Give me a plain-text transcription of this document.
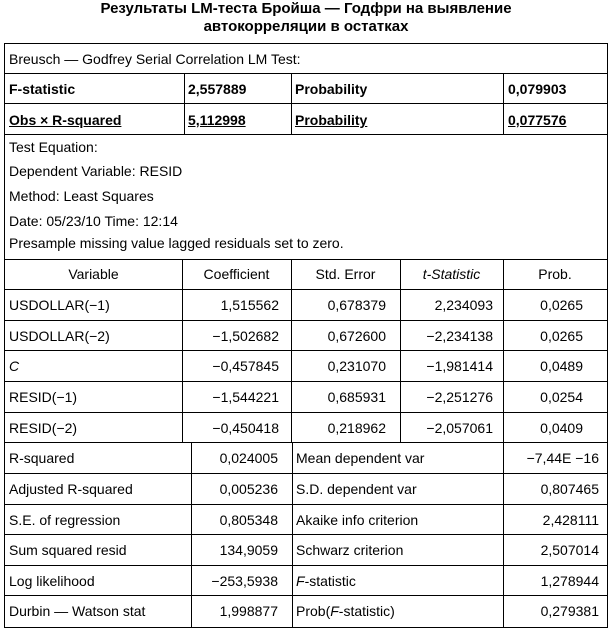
Результаты LM-теста Бройша — Годфри на выявление
автокорреляции в остатках
Breusch — Godfrey Serial Correlation LM Test:
F-statistic	2,557889	Probability	0,079903
Obs × R-squared	5,112998	Probability	0,077576
Test Equation:
Dependent Variable: RESID
Method: Least Squares
Date: 05/23/10 Time: 12:14
Presample missing value lagged residuals set to zero.
Variable	Coefficient	Std. Error	t-Statistic	Prob.
USDOLLAR(−1)	1,515562	0,678379	2,234093	0,0265
USDOLLAR(−2)	−1,502682	0,672600	−2,234138	0,0265
C	−0,457845	0,231070	−1,981414	0,0489
RESID(−1)	−1,544221	0,685931	−2,251276	0,0254
RESID(−2)	−0,450418	0,218962	−2,057061	0,0409
R-squared	0,024005 Mean dependent var	−7,44E −16
Adjusted R-squared	0,005236 S.D. dependent var	0,807465
S.E. of regression	0,805348 Akaike info criterion	2,428111
Sum squared resid	134,9059 Schwarz criterion	2,507014
Log likelihood	−253,5938 F-statistic	1,278944
Durbin — Watson stat	1,998877 Prob(F-statistic)	0,279381
